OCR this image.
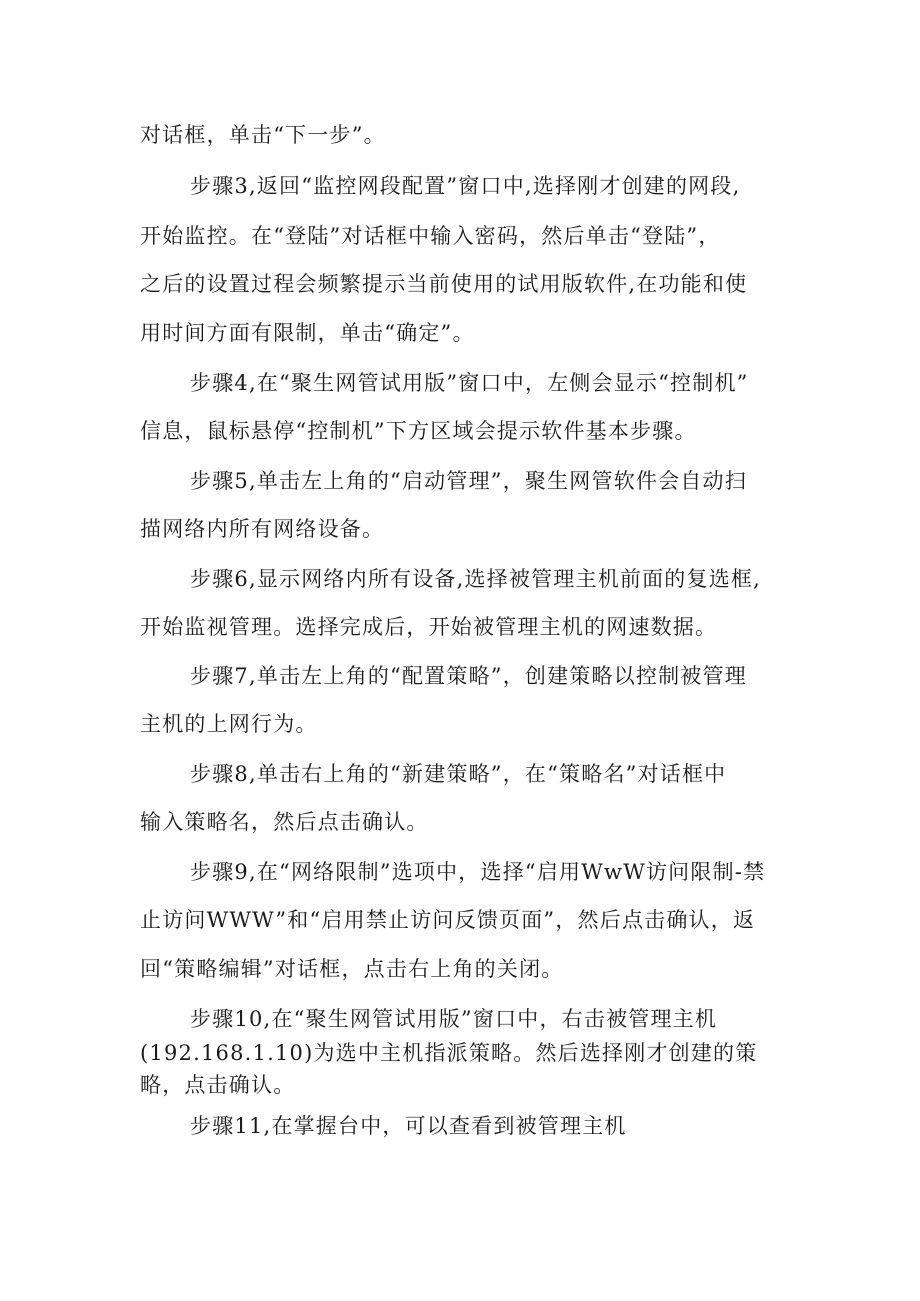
对话框，单击“下一步”。
步骤3,返回“监控网段配置”窗口中,选择刚才创建的网段,
开始监控。在“登陆”对话框中输入密码，然后单击“登陆”，
之后的设置过程会频繁提示当前使用的试用版软件,在功能和使
用时间方面有限制，单击“确定”。
步骤4,在“聚生网管试用版”窗口中，左侧会显示“控制机”
信息，鼠标悬停“控制机”下方区域会提示软件基本步骤。
步骤5,单击左上角的“启动管理”，聚生网管软件会自动扫
描网络内所有网络设备。
步骤6,显示网络内所有设备,选择被管理主机前面的复选框,
开始监视管理。选择完成后，开始被管理主机的网速数据。
步骤7,单击左上角的“配置策略”，创建策略以控制被管理
主机的上网行为。
步骤8,单击右上角的“新建策略”，在“策略名”对话框中
输入策略名，然后点击确认。
步骤9,在“网络限制”选项中，选择“启用WwW访问限制-禁
止访问WWW”和“启用禁止访问反馈页面”，然后点击确认，返
回“策略编辑”对话框，点击右上角的关闭。
步骤10,在“聚生网管试用版”窗口中，右击被管理主机
(192.168.1.10)为选中主机指派策略。然后选择刚才创建的策
略，点击确认。
步骤11,在掌握台中，可以查看到被管理主机
